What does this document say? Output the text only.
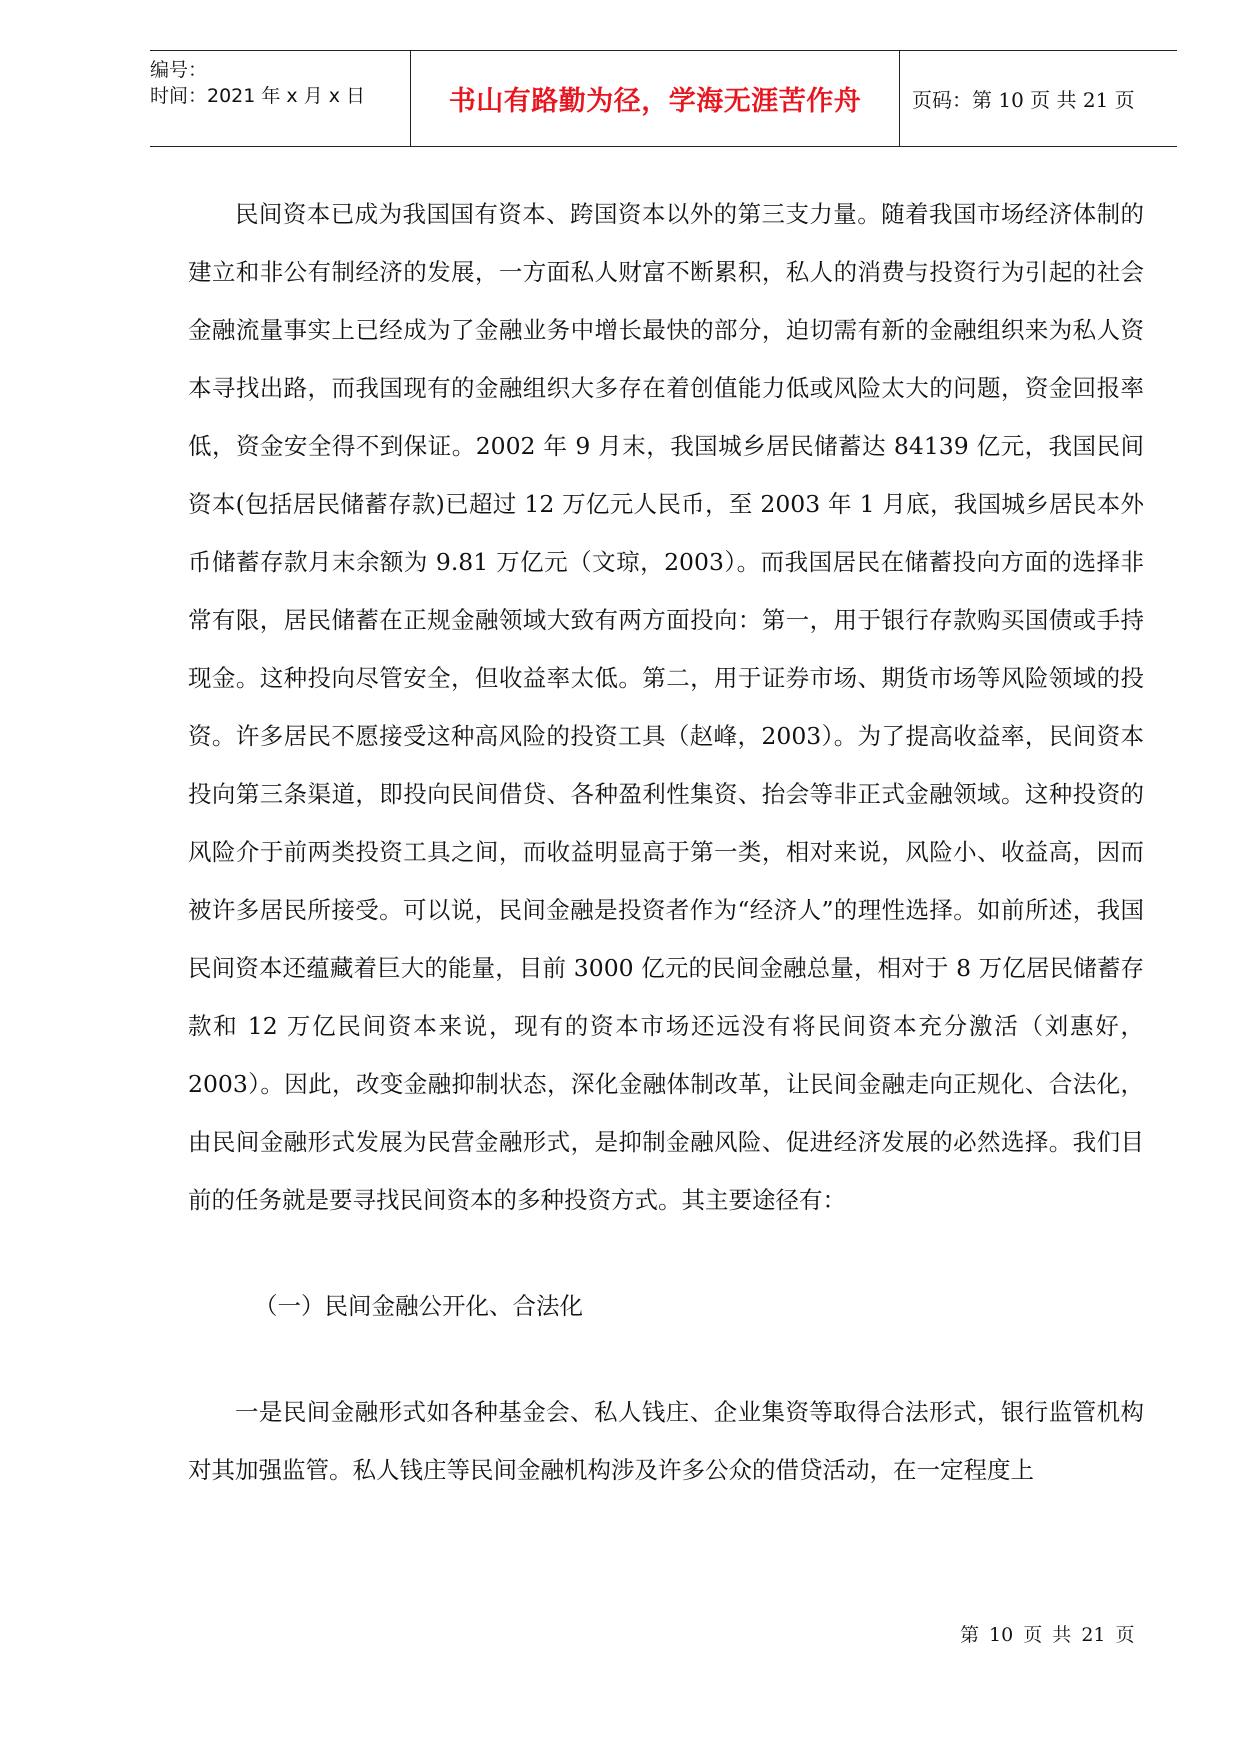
编号：
时间：2021 年 x 月 x 日	书山有路勤为径，学海无涯苦作舟	页码：第 10 页 共 21 页

民间资本已成为我国国有资本、跨国资本以外的第三支力量。随着我国市场经济体制的建立和非公有制经济的发展，一方面私人财富不断累积，私人的消费与投资行为引起的社会金融流量事实上已经成为了金融业务中增长最快的部分，迫切需有新的金融组织来为私人资本寻找出路，而我国现有的金融组织大多存在着创值能力低或风险太大的问题，资金回报率低，资金安全得不到保证。2002 年 9 月末，我国城乡居民储蓄达 84139 亿元，我国民间资本(包括居民储蓄存款)已超过 12 万亿元人民币，至 2003 年 1 月底，我国城乡居民本外币储蓄存款月末余额为 9.81 万亿元（文琼，2003）。而我国居民在储蓄投向方面的选择非常有限，居民储蓄在正规金融领域大致有两方面投向：第一，用于银行存款购买国债或手持现金。这种投向尽管安全，但收益率太低。第二，用于证券市场、期货市场等风险领域的投资。许多居民不愿接受这种高风险的投资工具（赵峰，2003）。为了提高收益率，民间资本投向第三条渠道，即投向民间借贷、各种盈利性集资、抬会等非正式金融领域。这种投资的风险介于前两类投资工具之间，而收益明显高于第一类，相对来说，风险小、收益高，因而被许多居民所接受。可以说，民间金融是投资者作为“经济人”的理性选择。如前所述，我国民间资本还蕴藏着巨大的能量，目前 3000 亿元的民间金融总量，相对于 8 万亿居民储蓄存款和 12 万亿民间资本来说，现有的资本市场还远没有将民间资本充分激活（刘惠好，2003）。因此，改变金融抑制状态，深化金融体制改革，让民间金融走向正规化、合法化，由民间金融形式发展为民营金融形式，是抑制金融风险、促进经济发展的必然选择。我们目前的任务就是要寻找民间资本的多种投资方式。其主要途径有：

（一）民间金融公开化、合法化

一是民间金融形式如各种基金会、私人钱庄、企业集资等取得合法形式，银行监管机构对其加强监管。私人钱庄等民间金融机构涉及许多公众的借贷活动，在一定程度上

第 10 页 共 21 页
